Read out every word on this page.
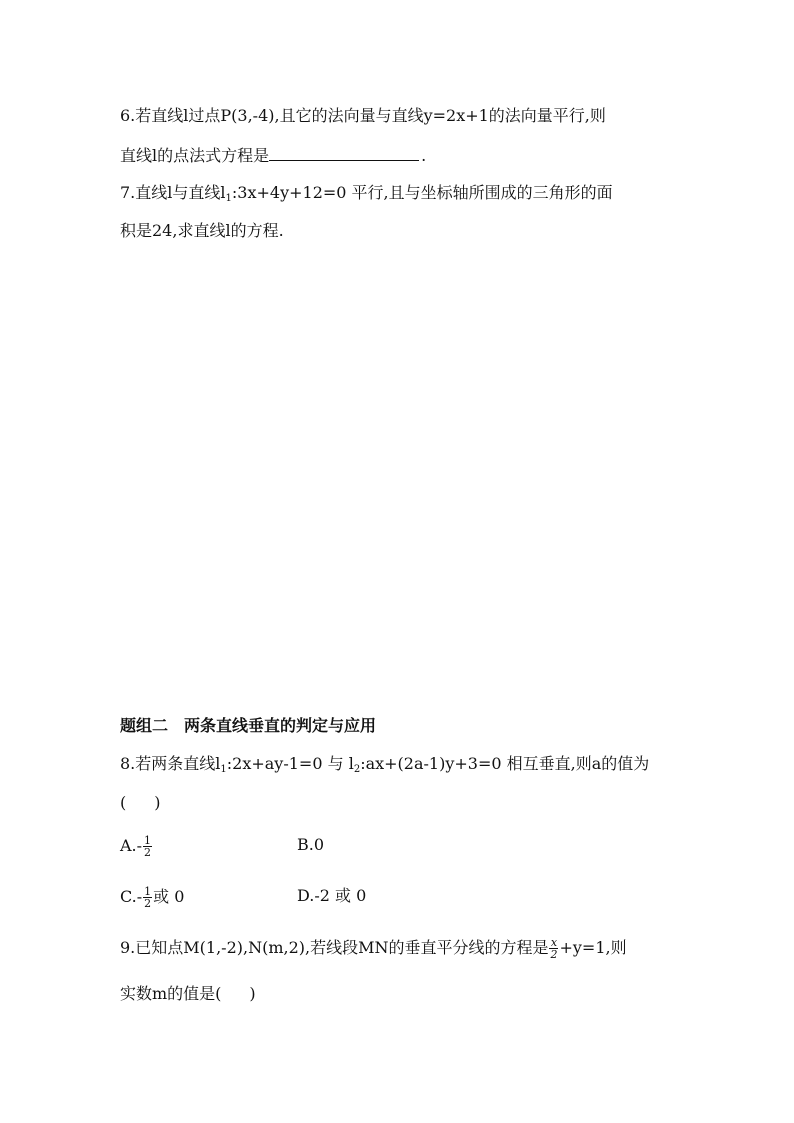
6.若直线l过点P(3,-4),且它的法向量与直线y=2x+1的法向量平行,则
直线l的点法式方程是	.
7.直线l与直线$l_1:3x+4y+12=0$ 平行,且与坐标轴所围成的三角形的面
积是24,求直线l的方程.
题组二　两条直线垂直的判定与应用
8.若两条直线$l_1:2x+ay-1=0$ 与 $l_2:ax+(2a-1)y+3=0$ 相互垂直,则a的值为
( )
$A.- \frac{1}{2}$	B.0
$C.- \frac{1}{2}$ 或 0	D.-2 或 0
9.已知点M(1,-2),N(m,2),若线段MN的垂直平分线的方程是 $\frac{x}{2} +y=1$,则
实数m的值是( )
